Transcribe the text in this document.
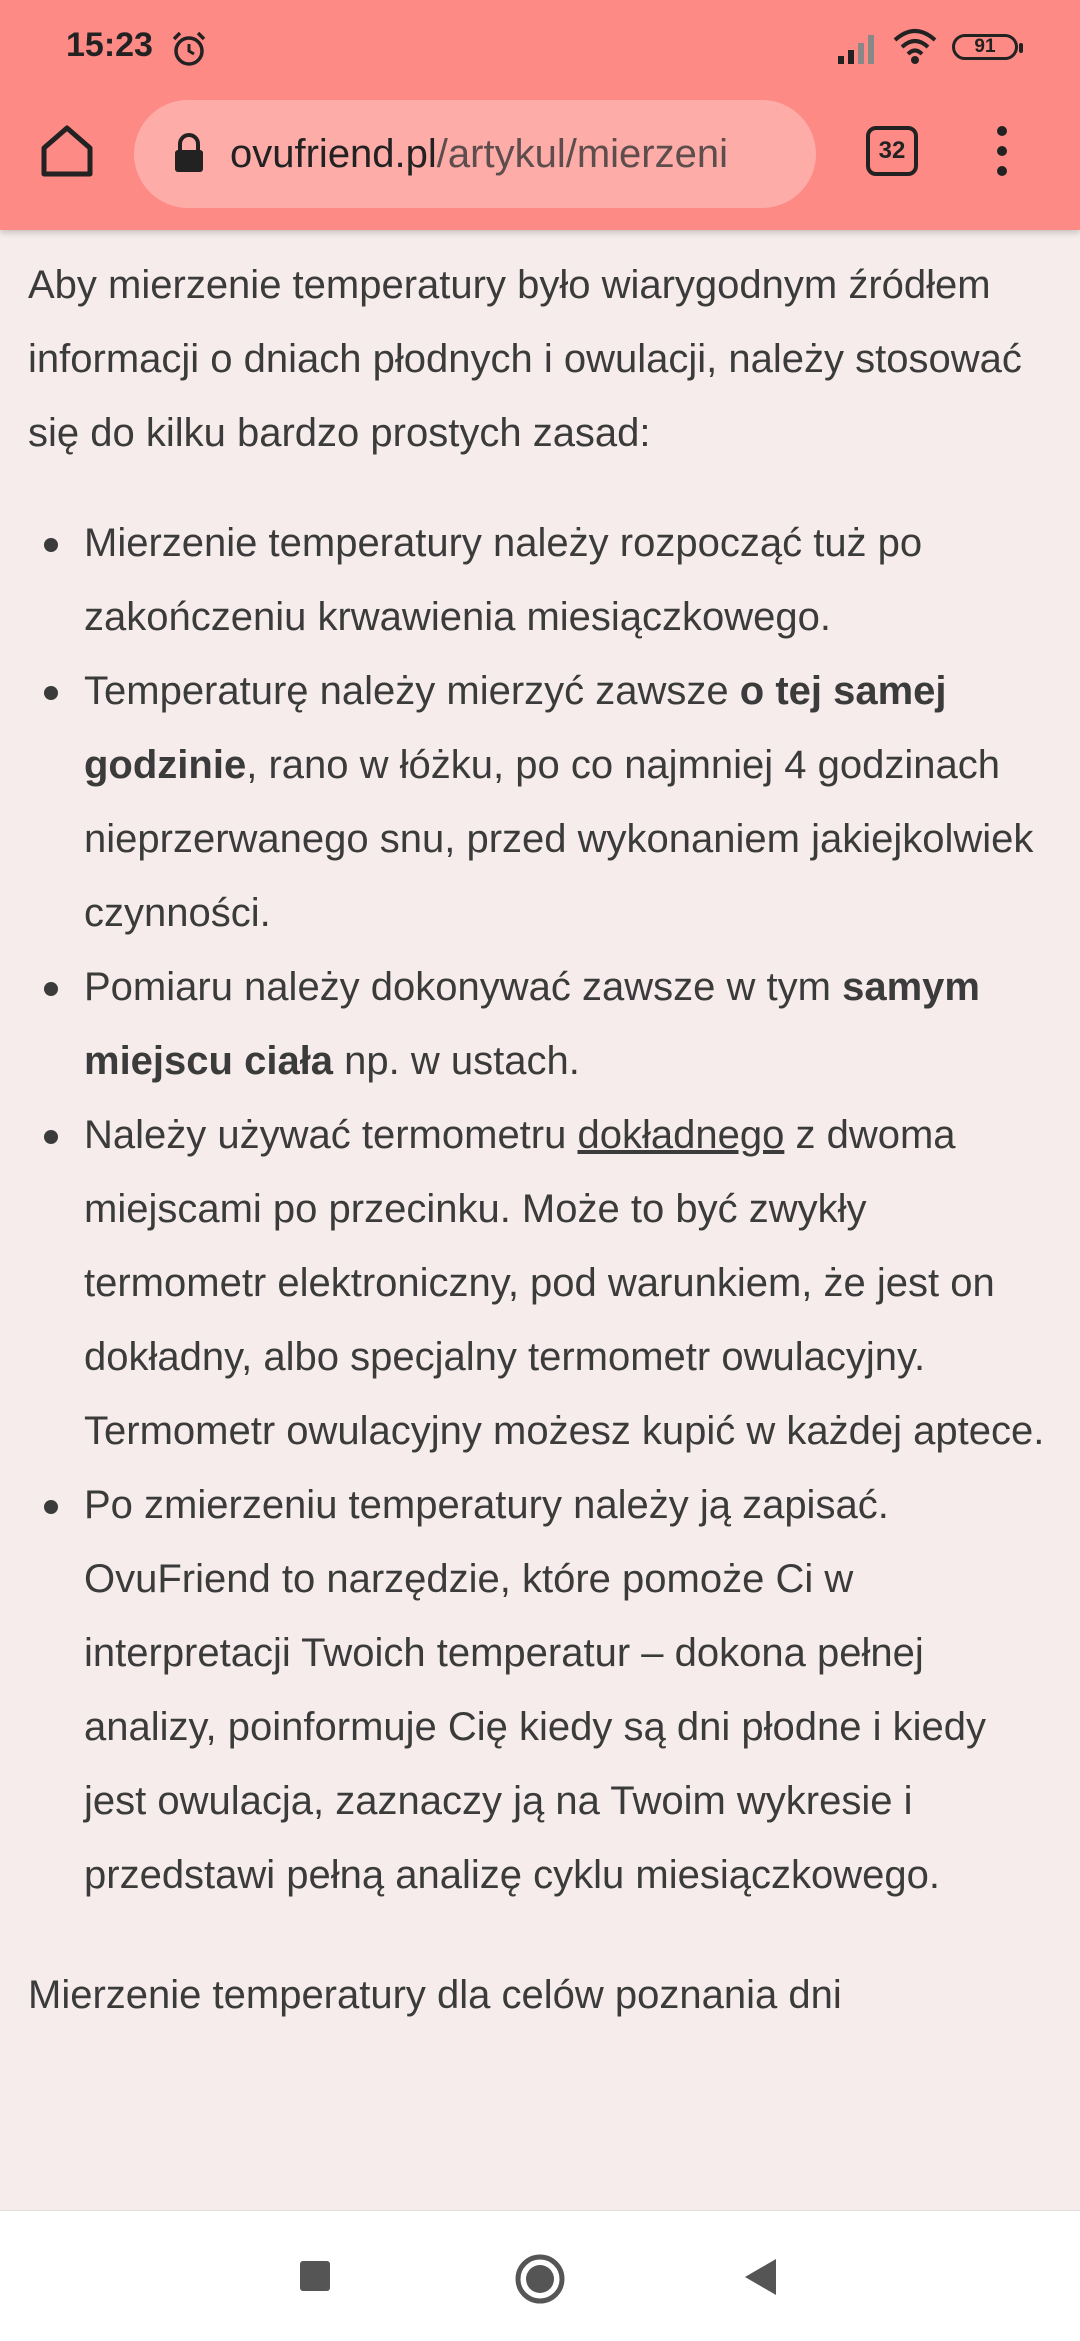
15:23	91
ovufriend.pl/artykul/mierzeni	32

Aby mierzenie temperatury było wiarygodnym źródłem informacji o dniach płodnych i owulacji, należy stosować się do kilku bardzo prostych zasad:

Mierzenie temperatury należy rozpocząć tuż po zakończeniu krwawienia miesiączkowego.
Temperaturę należy mierzyć zawsze o tej samej godzinie, rano w łóżku, po co najmniej 4 godzinach nieprzerwanego snu, przed wykonaniem jakiejkolwiek czynności.
Pomiaru należy dokonywać zawsze w tym samym miejscu ciała np. w ustach.
Należy używać termometru dokładnego z dwoma miejscami po przecinku. Może to być zwykły termometr elektroniczny, pod warunkiem, że jest on dokładny, albo specjalny termometr owulacyjny. Termometr owulacyjny możesz kupić w każdej aptece.
Po zmierzeniu temperatury należy ją zapisać. OvuFriend to narzędzie, które pomoże Ci w interpretacji Twoich temperatur – dokona pełnej analizy, poinformuje Cię kiedy są dni płodne i kiedy jest owulacja, zaznaczy ją na Twoim wykresie i przedstawi pełną analizę cyklu miesiączkowego.

Mierzenie temperatury dla celów poznania dni
